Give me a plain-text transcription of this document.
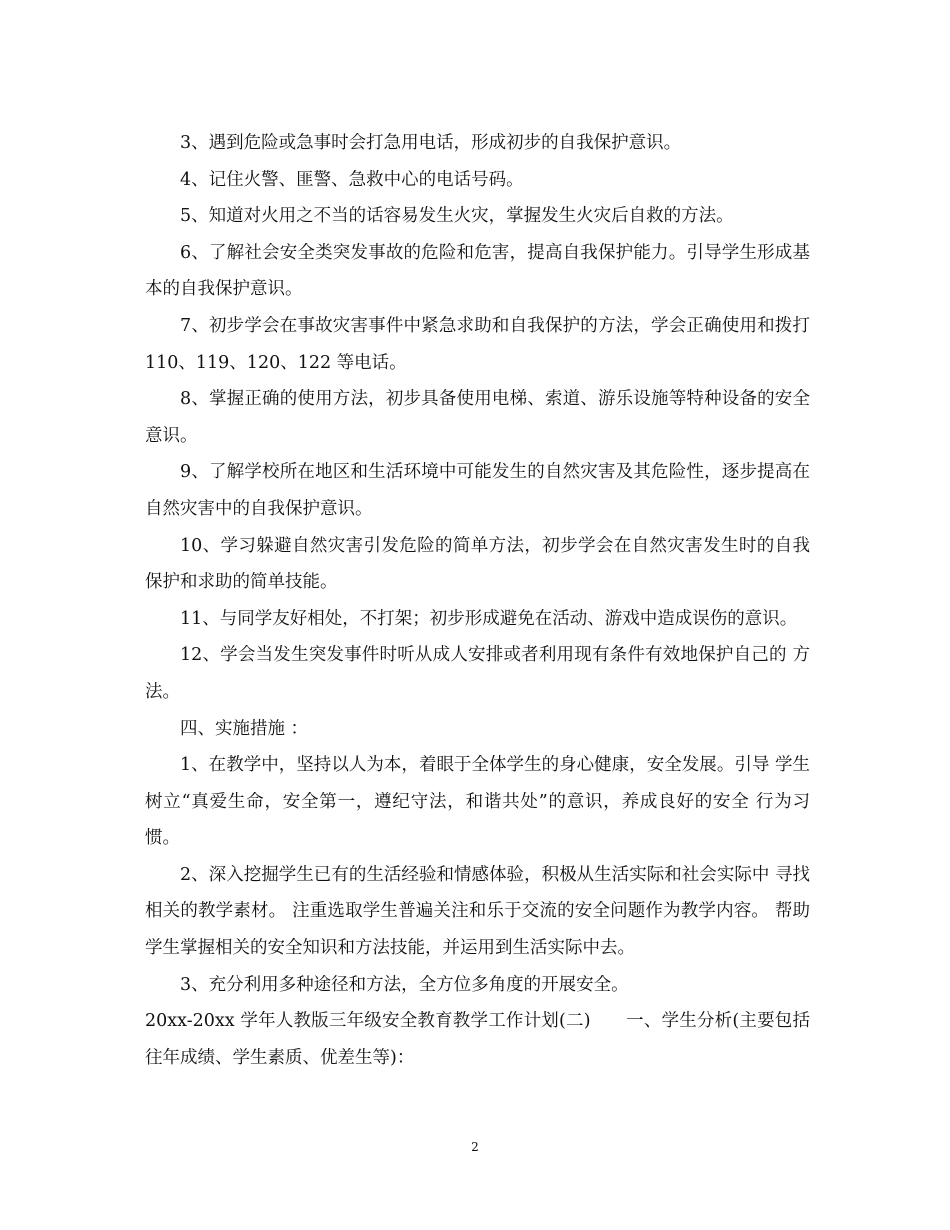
3、遇到危险或急事时会打急用电话，形成初步的自我保护意识。

4、记住火警、匪警、急救中心的电话号码。

5、知道对火用之不当的话容易发生火灾，掌握发生火灾后自救的方法。

6、了解社会安全类突发事故的危险和危害，提高自我保护能力。引导学生形成基本的自我保护意识。

7、初步学会在事故灾害事件中紧急求助和自我保护的方法，学会正确使用和拨打 110、119、120、122 等电话。

8、掌握正确的使用方法，初步具备使用电梯、索道、游乐设施等特种设备的安全意识。

9、了解学校所在地区和生活环境中可能发生的自然灾害及其危险性，逐步提高在自然灾害中的自我保护意识。

10、学习躲避自然灾害引发危险的简单方法，初步学会在自然灾害发生时的自我保护和求助的简单技能。

11、与同学友好相处，不打架；初步形成避免在活动、游戏中造成误伤的意识。

12、学会当发生突发事件时听从成人安排或者利用现有条件有效地保护自己的 方法。

四、实施措施 ：

1、在教学中，坚持以人为本，着眼于全体学生的身心健康，安全发展。引导 学生树立“真爱生命，安全第一，遵纪守法，和谐共处”的意识，养成良好的安全 行为习惯。

2、深入挖掘学生已有的生活经验和情感体验，积极从生活实际和社会实际中 寻找相关的教学素材。 注重选取学生普遍关注和乐于交流的安全问题作为教学内容。 帮助学生掌握相关的安全知识和方法技能，并运用到生活实际中去。

3、充分利用多种途径和方法，全方位多角度的开展安全。

20xx-20xx 学年人教版三年级安全教育教学工作计划(二)　　一、学生分析(主要包括往年成绩、学生素质、优差生等)：

2
